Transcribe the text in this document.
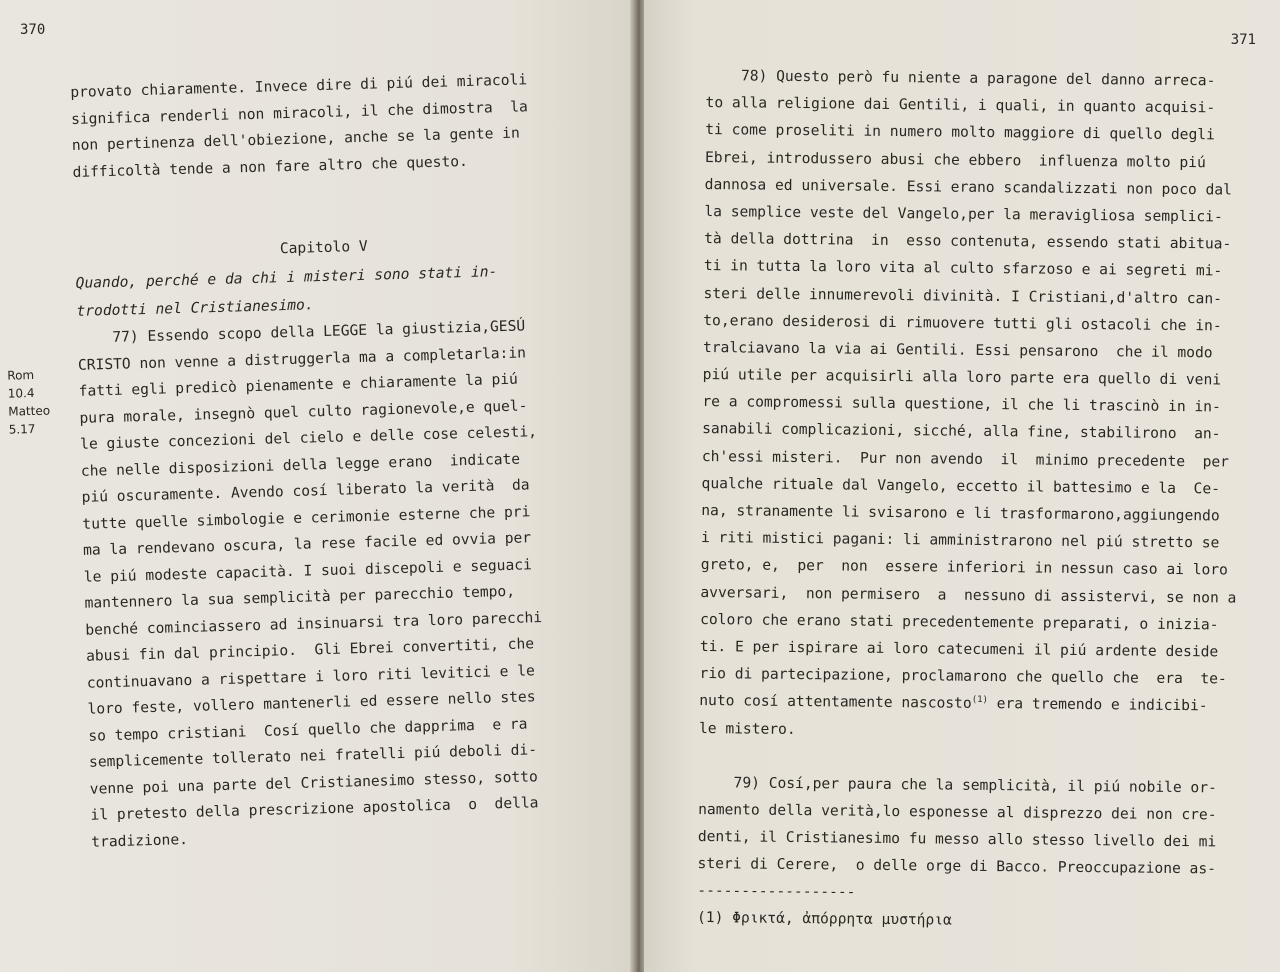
370
Rom
10.4
Matteo
5.17
provato chiaramente. Invece dire di piú dei miracoli
significa renderli non miracoli, il che dimostra  la
non pertinenza dell'obiezione, anche se la gente in
difficoltà tende a non fare altro che questo.
Capitolo V
Quando, perché e da chi i misteri sono stati in-
trodotti nel Cristianesimo.
77) Essendo scopo della LEGGE la giustizia,GESÚ
CRISTO non venne a distruggerla ma a completarla:in
fatti egli predicò pienamente e chiaramente la piú
pura morale, insegnò quel culto ragionevole,e quel-
le giuste concezioni del cielo e delle cose celesti,
che nelle disposizioni della legge erano  indicate
piú oscuramente. Avendo cosí liberato la verità  da
tutte quelle simbologie e cerimonie esterne che pri
ma la rendevano oscura, la rese facile ed ovvia per
le piú modeste capacità. I suoi discepoli e seguaci
mantennero la sua semplicità per parecchio tempo,
benché cominciassero ad insinuarsi tra loro parecchi
abusi fin dal principio.  Gli Ebrei convertiti, che
continuavano a rispettare i loro riti levitici e le
loro feste, vollero mantenerli ed essere nello stes
so tempo cristiani  Cosí quello che dapprima  e ra
semplicemente tollerato nei fratelli piú deboli di-
venne poi una parte del Cristianesimo stesso, sotto
il pretesto della prescrizione apostolica  o  della
tradizione.
371
78) Questo però fu niente a paragone del danno arreca-
to alla religione dai Gentili, i quali, in quanto acquisi-
ti come proseliti in numero molto maggiore di quello degli
Ebrei, introdussero abusi che ebbero  influenza molto piú
dannosa ed universale. Essi erano scandalizzati non poco dal
la semplice veste del Vangelo,per la meravigliosa semplici-
tà della dottrina  in  esso contenuta, essendo stati abitua-
ti in tutta la loro vita al culto sfarzoso e ai segreti mi-
steri delle innumerevoli divinità. I Cristiani,d'altro can-
to,erano desiderosi di rimuovere tutti gli ostacoli che in-
tralciavano la via ai Gentili. Essi pensarono  che il modo
piú utile per acquisirli alla loro parte era quello di veni
re a compromessi sulla questione, il che li trascinò in in-
sanabili complicazioni, sicché, alla fine, stabilirono  an-
ch'essi misteri.  Pur non avendo  il  minimo precedente  per
qualche rituale dal Vangelo, eccetto il battesimo e la  Ce-
na, stranamente li svisarono e li trasformarono,aggiungendo
i riti mistici pagani: li amministrarono nel piú stretto se
greto, e,  per  non  essere inferiori in nessun caso ai loro
avversari,  non permisero  a  nessuno di assistervi, se non a
coloro che erano stati precedentemente preparati, o inizia-
ti. E per ispirare ai loro catecumeni il piú ardente deside
rio di partecipazione, proclamarono che quello che  era  te-
nuto cosí attentamente nascosto$^{(1)}$ era tremendo e indicibi-
le mistero.
79) Cosí,per paura che la semplicità, il piú nobile or-
namento della verità,lo esponesse al disprezzo dei non cre-
denti, il Cristianesimo fu messo allo stesso livello dei mi
steri di Cerere,  o delle orge di Bacco. Preoccupazione as-
------------------
(1) Φρικτά, ἀπόρρητα μυστήρια
